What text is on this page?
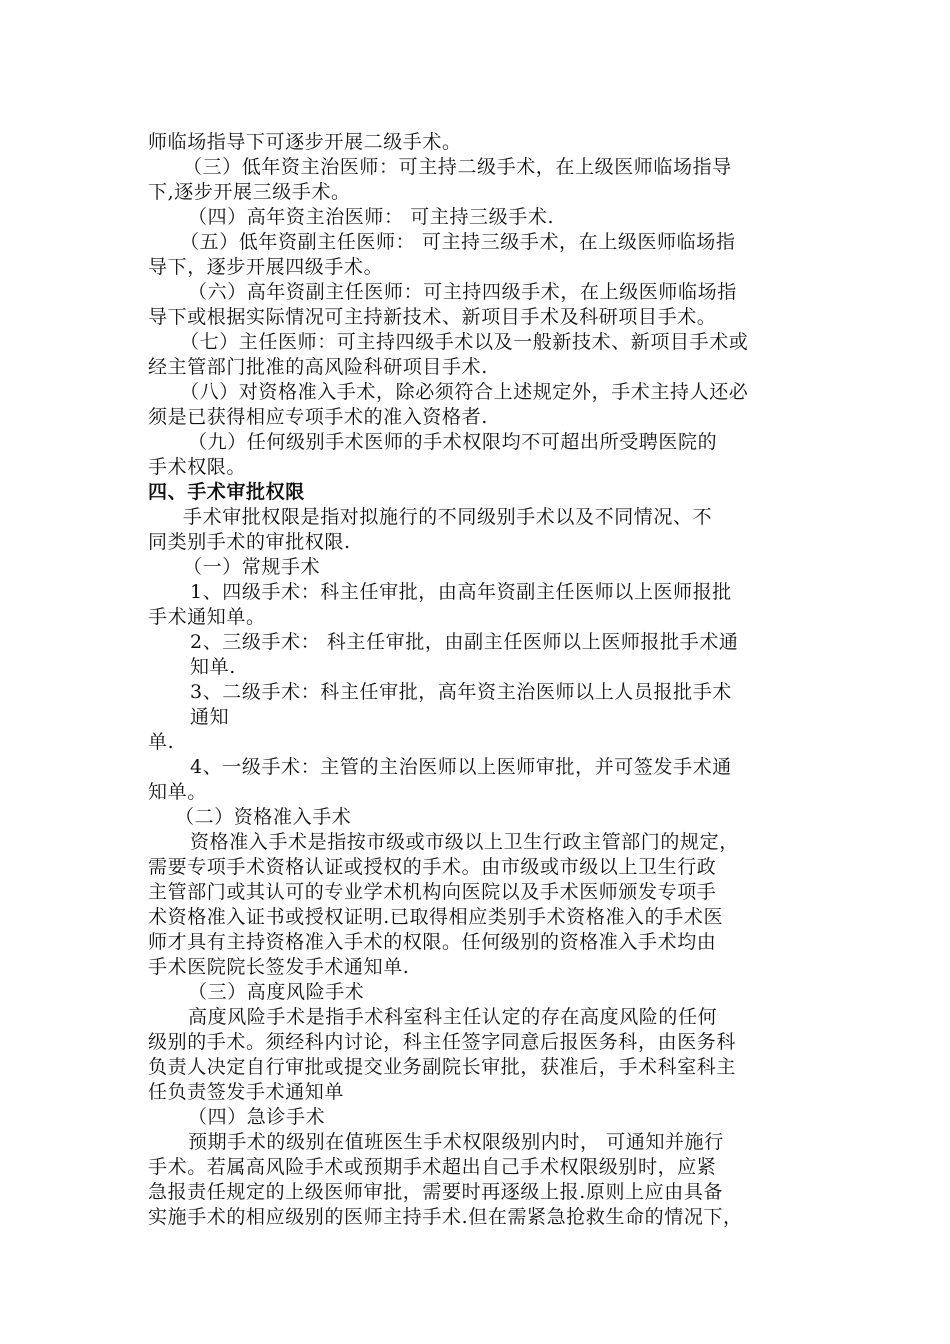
师临场指导下可逐步开展二级手术。
（三）低年资主治医师：可主持二级手术，在上级医师临场指导
下,逐步开展三级手术。
（四）高年资主治医师： 可主持三级手术.
（五）低年资副主任医师： 可主持三级手术，在上级医师临场指
导下，逐步开展四级手术。
（六）高年资副主任医师：可主持四级手术，在上级医师临场指
导下或根据实际情况可主持新技术、新项目手术及科研项目手术。
（七）主任医师：可主持四级手术以及一般新技术、新项目手术或
经主管部门批准的高风险科研项目手术.
（八）对资格准入手术，除必须符合上述规定外，手术主持人还必
须是已获得相应专项手术的准入资格者.
（九）任何级别手术医师的手术权限均不可超出所受聘医院的
手术权限。
四、手术审批权限
手术审批权限是指对拟施行的不同级别手术以及不同情况、不
同类别手术的审批权限.
（一）常规手术
1、四级手术：科主任审批，由高年资副主任医师以上医师报批
手术通知单。
2、三级手术： 科主任审批，由副主任医师以上医师报批手术通
知单.
3、二级手术：科主任审批，高年资主治医师以上人员报批手术
通知
单.
4、一级手术：主管的主治医师以上医师审批，并可签发手术通
知单。
（二）资格准入手术
资格准入手术是指按市级或市级以上卫生行政主管部门的规定，
需要专项手术资格认证或授权的手术。由市级或市级以上卫生行政
主管部门或其认可的专业学术机构向医院以及手术医师颁发专项手
术资格准入证书或授权证明.已取得相应类别手术资格准入的手术医
师才具有主持资格准入手术的权限。任何级别的资格准入手术均由
手术医院院长签发手术通知单.
（三）高度风险手术
高度风险手术是指手术科室科主任认定的存在高度风险的任何
级别的手术。须经科内讨论，科主任签字同意后报医务科，由医务科
负责人决定自行审批或提交业务副院长审批，获准后，手术科室科主
任负责签发手术通知单
（四）急诊手术
预期手术的级别在值班医生手术权限级别内时， 可通知并施行
手术。若属高风险手术或预期手术超出自己手术权限级别时，应紧
急报责任规定的上级医师审批，需要时再逐级上报.原则上应由具备
实施手术的相应级别的医师主持手术.但在需紧急抢救生命的情况下，
